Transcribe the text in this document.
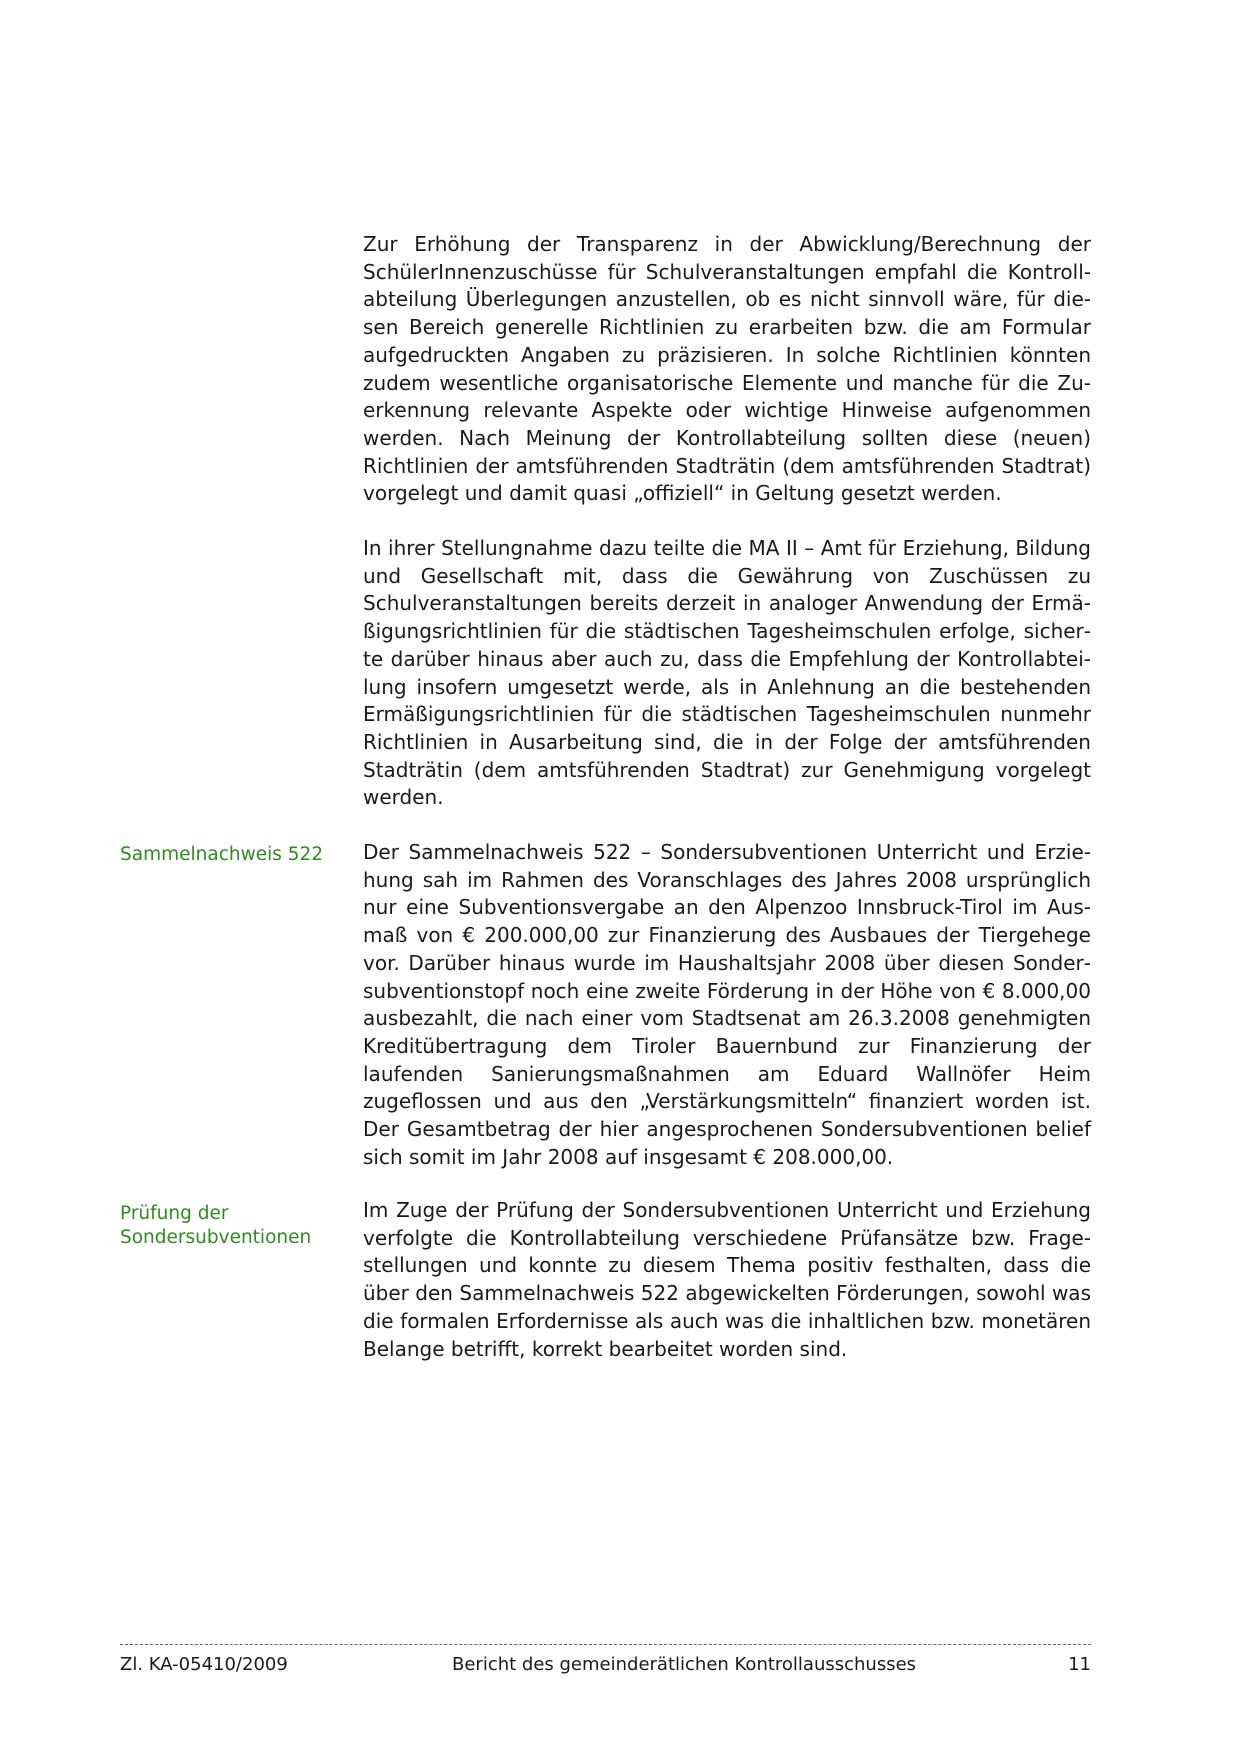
Zur Erhöhung der Transparenz in der Abwicklung/Berechnung der SchülerInnenzuschüsse für Schulveranstaltungen empfahl die Kontrollabteilung Überlegungen anzustellen, ob es nicht sinnvoll wäre, für diesen Bereich generelle Richtlinien zu erarbeiten bzw. die am Formular aufgedruckten Angaben zu präzisieren. In solche Richtlinien könnten zudem wesentliche organisatorische Elemente und manche für die Zuerkennung relevante Aspekte oder wichtige Hinweise aufgenommen werden. Nach Meinung der Kontrollabteilung sollten diese (neuen) Richtlinien der amtsführenden Stadträtin (dem amtsführenden Stadtrat) vorgelegt und damit quasi „offiziell“ in Geltung gesetzt werden.

In ihrer Stellungnahme dazu teilte die MA II – Amt für Erziehung, Bildung und Gesellschaft mit, dass die Gewährung von Zuschüssen zu Schulveranstaltungen bereits derzeit in analoger Anwendung der Ermäßigungsrichtlinien für die städtischen Tagesheimschulen erfolge, sicherte darüber hinaus aber auch zu, dass die Empfehlung der Kontrollabteilung insofern umgesetzt werde, als in Anlehnung an die bestehenden Ermäßigungsrichtlinien für die städtischen Tagesheimschulen nunmehr Richtlinien in Ausarbeitung sind, die in der Folge der amtsführenden Stadträtin (dem amtsführenden Stadtrat) zur Genehmigung vorgelegt werden.

Sammelnachweis 522	Der Sammelnachweis 522 – Sondersubventionen Unterricht und Erziehung sah im Rahmen des Voranschlages des Jahres 2008 ursprünglich nur eine Subventionsvergabe an den Alpenzoo Innsbruck-Tirol im Ausmaß von € 200.000,00 zur Finanzierung des Ausbaues der Tiergehege vor. Darüber hinaus wurde im Haushaltsjahr 2008 über diesen Sondersubventionstopf noch eine zweite Förderung in der Höhe von € 8.000,00 ausbezahlt, die nach einer vom Stadtsenat am 26.3.2008 genehmigten Kreditübertragung dem Tiroler Bauernbund zur Finanzierung der laufenden Sanierungsmaßnahmen am Eduard Wallnöfer Heim zugeflossen und aus den „Verstärkungsmitteln“ finanziert worden ist. Der Gesamtbetrag der hier angesprochenen Sondersubventionen belief sich somit im Jahr 2008 auf insgesamt € 208.000,00.

Prüfung der
Sondersubventionen

Im Zuge der Prüfung der Sondersubventionen Unterricht und Erziehung verfolgte die Kontrollabteilung verschiedene Prüfansätze bzw. Fragestellungen und konnte zu diesem Thema positiv festhalten, dass die über den Sammelnachweis 522 abgewickelten Förderungen, sowohl was die formalen Erfordernisse als auch was die inhaltlichen bzw. monetären Belange betrifft, korrekt bearbeitet worden sind.

Zl. KA-05410/2009	Bericht des gemeinderätlichen Kontrollausschusses	11
